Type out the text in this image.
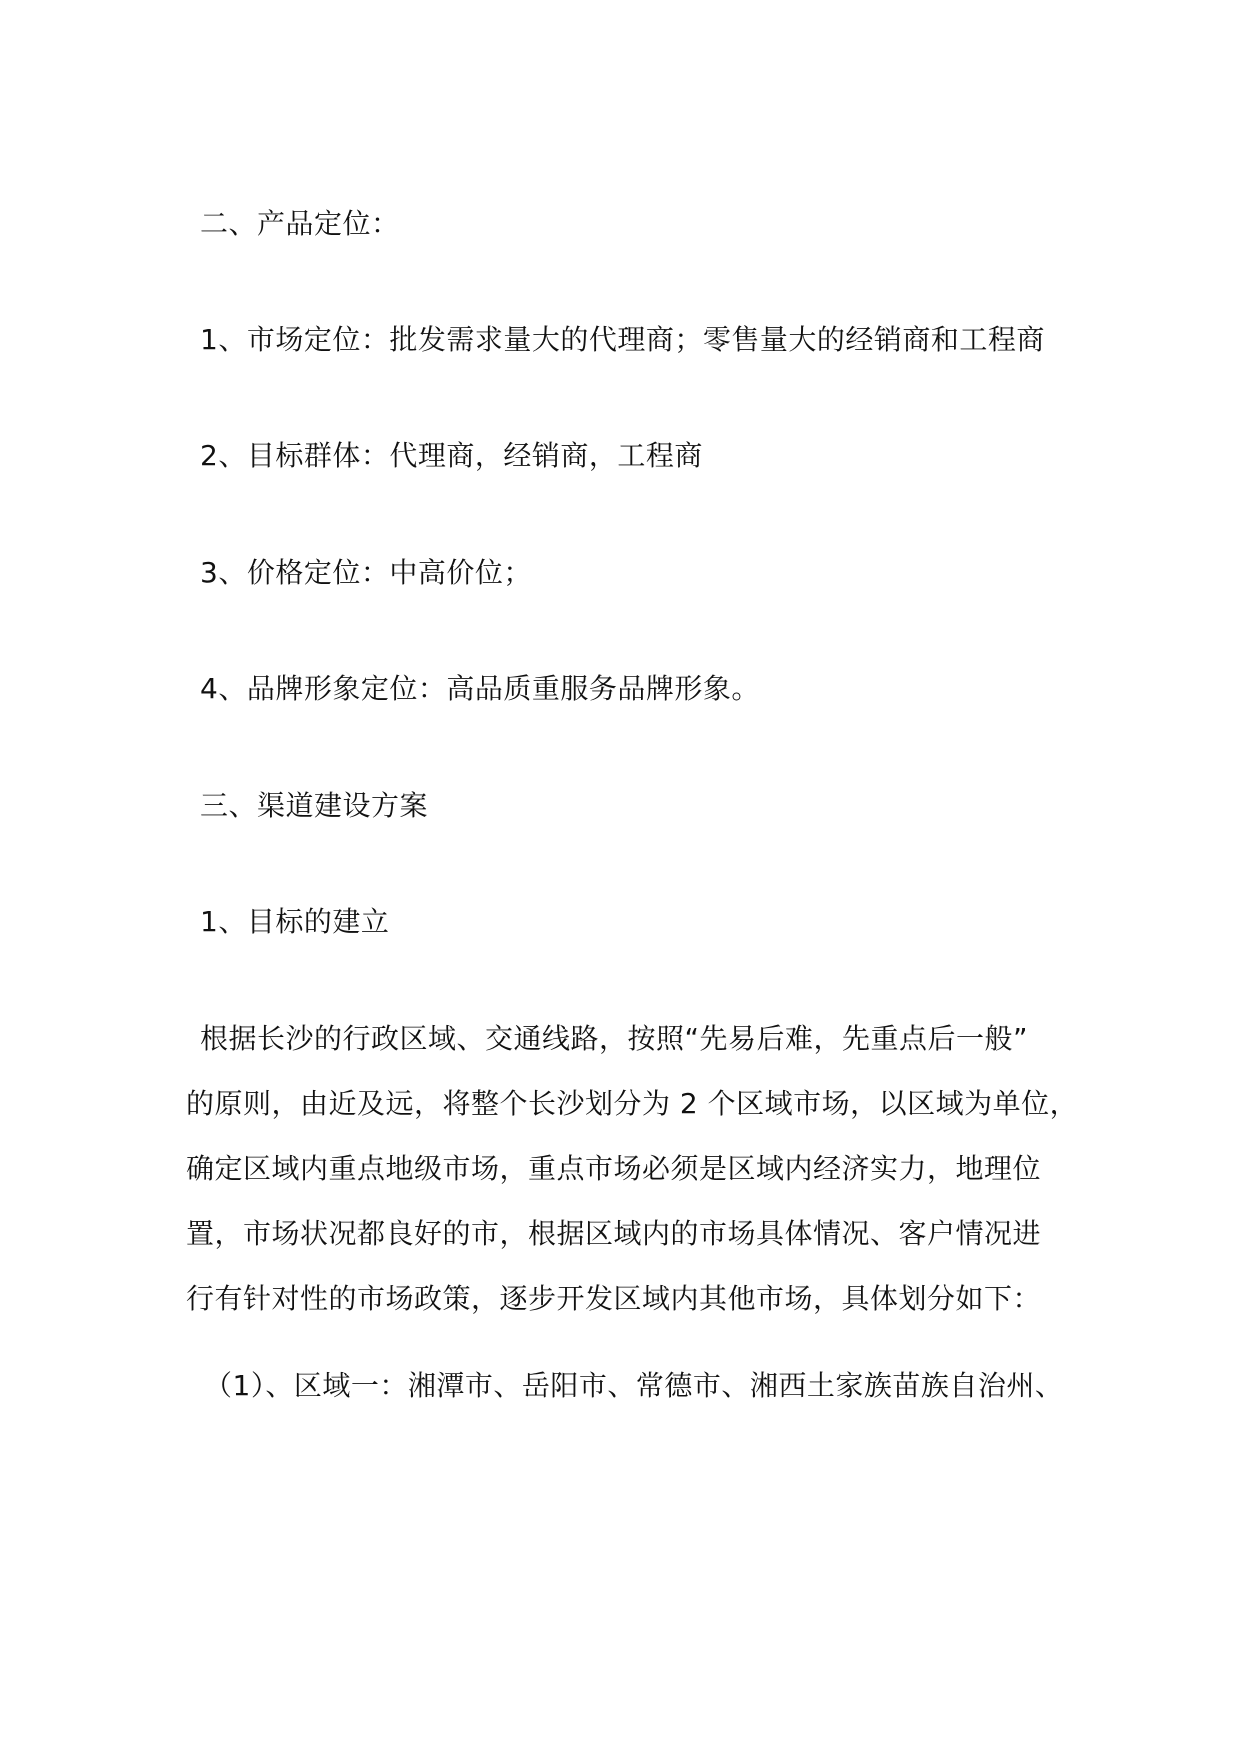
二、产品定位：
1、市场定位：批发需求量大的代理商；零售量大的经销商和工程商
2、目标群体：代理商，经销商，工程商
3、价格定位：中高价位；
4、品牌形象定位：高品质重服务品牌形象。
三、渠道建设方案
1、目标的建立

根据长沙的行政区域、交通线路，按照“先易后难，先重点后一般”

的原则，由近及远，将整个长沙划分为 2 个区域市场，以区域为单位，

确定区域内重点地级市场，重点市场必须是区域内经济实力，地理位

置，市场状况都良好的市，根据区域内的市场具体情况、客户情况进

行有针对性的市场政策，逐步开发区域内其他市场，具体划分如下：

（1）、区域一：湘潭市、岳阳市、常德市、湘西土家族苗族自治州、
